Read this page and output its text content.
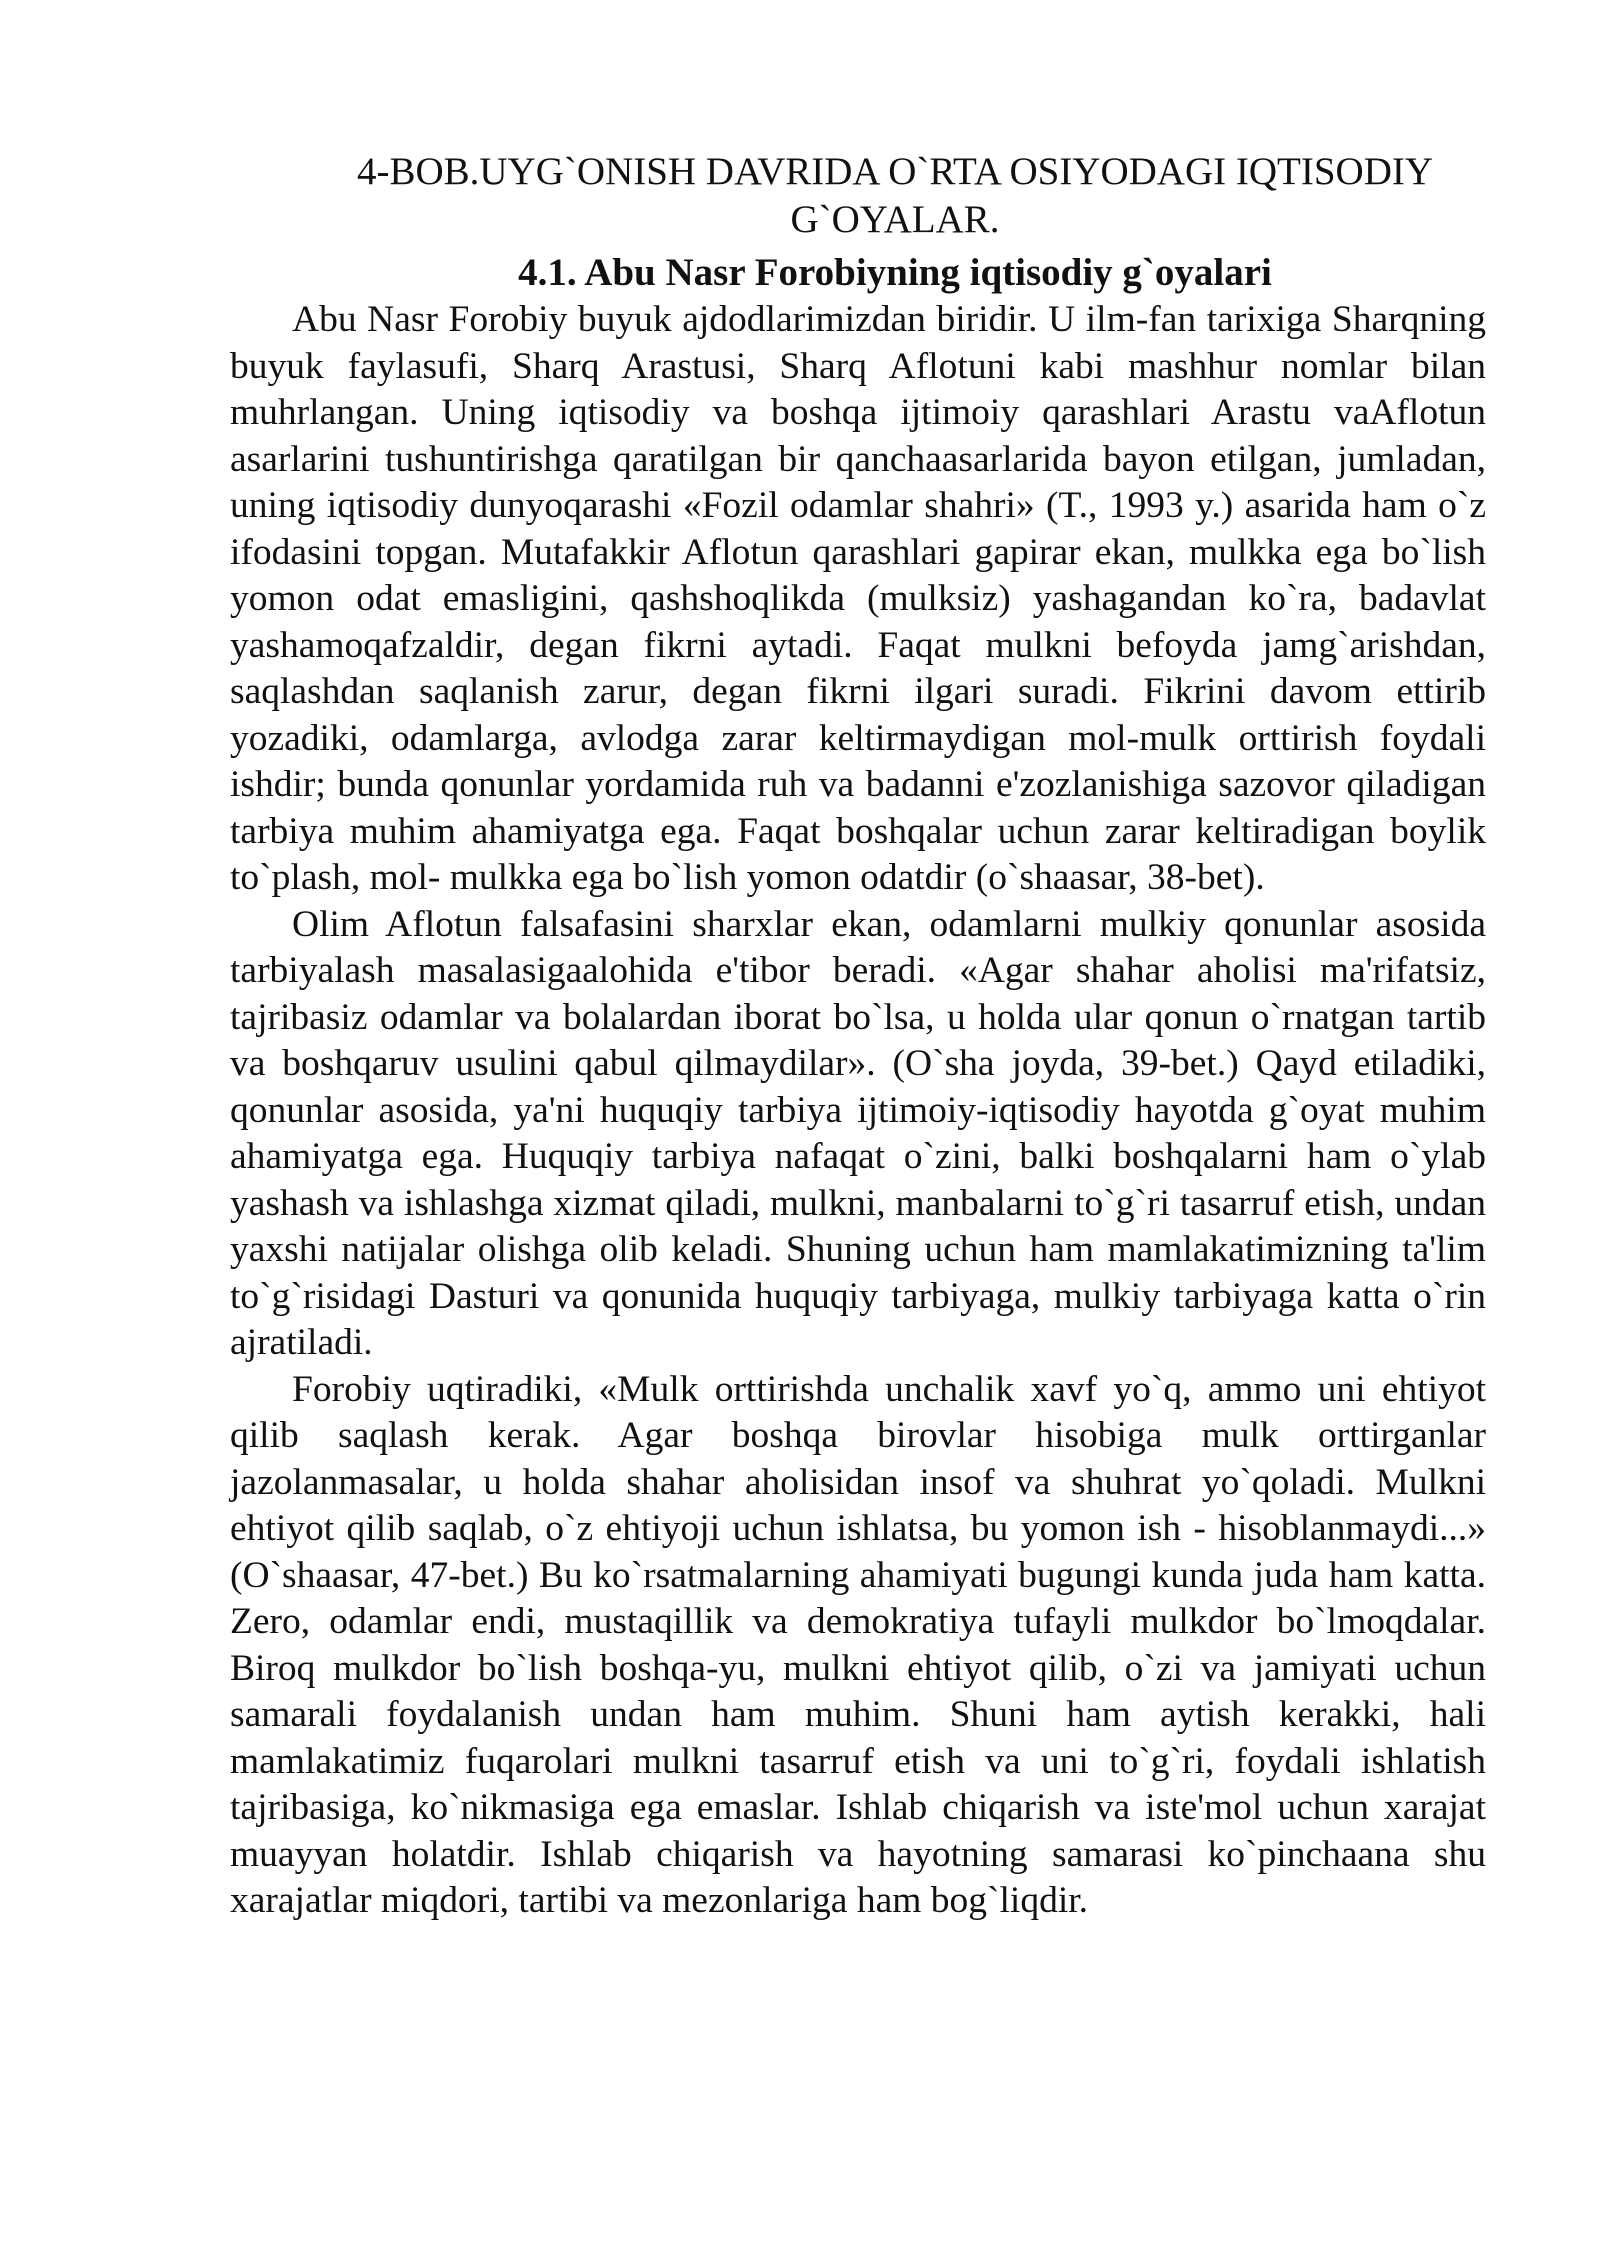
4-BOB.UYG`ONISH DAVRIDA O`RTA OSIYODAGI IQTISODIY
G`OYALAR.
4.1. Abu Nasr Forobiyning iqtisodiy g`oyalari

Abu Nasr Forobiy buyuk ajdodlarimizdan biridir. U ilm-fan tarixiga Sharqning buyuk faylasufi, Sharq Arastusi, Sharq Aflotuni kabi mashhur nomlar bilan muhrlangan. Uning iqtisodiy va boshqa ijtimoiy qarashlari Arastu vaAflotun asarlarini tushuntirishga qaratilgan bir qanchaasarlarida bayon etilgan, jumladan, uning iqtisodiy dunyoqarashi «Fozil odamlar shahri» (T., 1993 y.) asarida ham o`z ifodasini topgan. Mutafakkir Aflotun qarashlari gapirar ekan, mulkka ega bo`lish yomon odat emasligini, qashshoqlikda (mulksiz) yashagandan ko`ra, badavlat yashamoqafzaldir, degan fikrni aytadi. Faqat mulkni befoyda jamg`arishdan, saqlashdan saqlanish zarur, degan fikrni ilgari suradi. Fikrini davom ettirib yozadiki, odamlarga, avlodga zarar keltirmaydigan mol-mulk orttirish foydali ishdir; bunda qonunlar yordamida ruh va badanni e'zozlanishiga sazovor qiladigan tarbiya muhim ahamiyatga ega. Faqat boshqalar uchun zarar keltiradigan boylik to`plash, mol- mulkka ega bo`lish yomon odatdir (o`shaasar, 38-bet).

Olim Aflotun falsafasini sharxlar ekan, odamlarni mulkiy qonunlar asosida tarbiyalash masalasigaalohida e'tibor beradi. «Agar shahar aholisi ma'rifatsiz, tajribasiz odamlar va bolalardan iborat bo`lsa, u holda ular qonun o`rnatgan tartib va boshqaruv usulini qabul qilmaydilar». (O`sha joyda, 39-bet.) Qayd etiladiki, qonunlar asosida, ya'ni huquqiy tarbiya ijtimoiy-iqtisodiy hayotda g`oyat muhim ahamiyatga ega. Huquqiy tarbiya nafaqat o`zini, balki boshqalarni ham o`ylab yashash va ishlashga xizmat qiladi, mulkni, manbalarni to`g`ri tasarruf etish, undan yaxshi natijalar olishga olib keladi. Shuning uchun ham mamlakatimizning ta'lim to`g`risidagi Dasturi va qonunida huquqiy tarbiyaga, mulkiy tarbiyaga katta o`rin ajratiladi.

Forobiy uqtiradiki, «Mulk orttirishda unchalik xavf yo`q, ammo uni ehtiyot qilib saqlash kerak. Agar boshqa birovlar hisobiga mulk orttirganlar jazolanmasalar, u holda shahar aholisidan insof va shuhrat yo`qoladi. Mulkni ehtiyot qilib saqlab, o`z ehtiyoji uchun ishlatsa, bu yomon ish - hisoblanmaydi...» (O`shaasar, 47-bet.) Bu ko`rsatmalarning ahamiyati bugungi kunda juda ham katta. Zero, odamlar endi, mustaqillik va demokratiya tufayli mulkdor bo`lmoqdalar. Biroq mulkdor bo`lish boshqa-yu, mulkni ehtiyot qilib, o`zi va jamiyati uchun samarali foydalanish undan ham muhim. Shuni ham aytish kerakki, hali mamlakatimiz fuqarolari mulkni tasarruf etish va uni to`g`ri, foydali ishlatish tajribasiga, ko`nikmasiga ega emaslar. Ishlab chiqarish va iste'mol uchun xarajat muayyan holatdir. Ishlab chiqarish va hayotning samarasi ko`pinchaana shu xarajatlar miqdori, tartibi va mezonlariga ham bog`liqdir.
